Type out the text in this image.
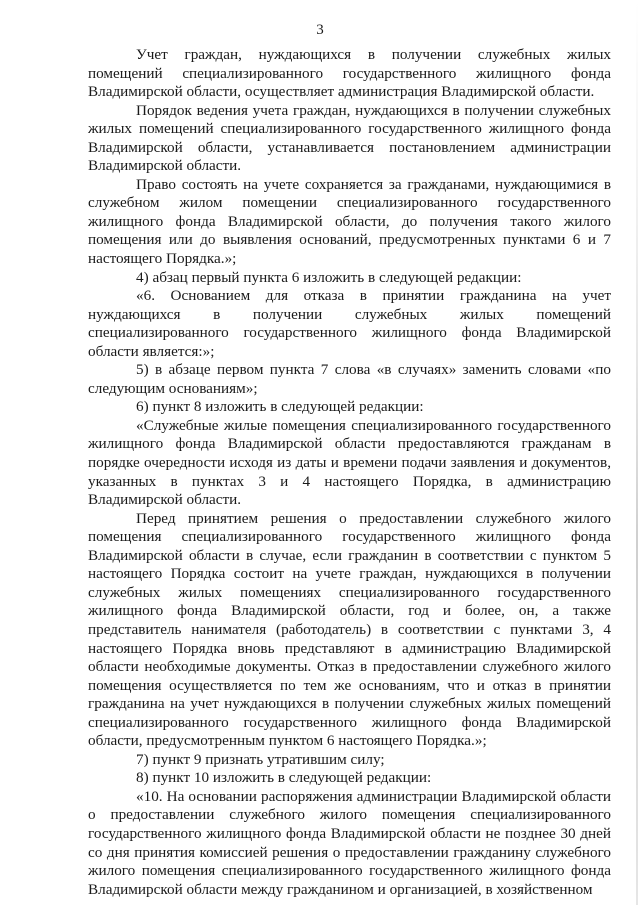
3

Учет граждан, нуждающихся в получении служебных жилых помещений специализированного государственного жилищного фонда Владимирской области, осуществляет администрация Владимирской области.

Порядок ведения учета граждан, нуждающихся в получении служебных жилых помещений специализированного государственного жилищного фонда Владимирской области, устанавливается постановлением администрации Владимирской области.

Право состоять на учете сохраняется за гражданами, нуждающимися в служебном жилом помещении специализированного государственного жилищного фонда Владимирской области, до получения такого жилого помещения или до выявления оснований, предусмотренных пунктами 6 и 7 настоящего Порядка.»;

4) абзац первый пункта 6 изложить в следующей редакции:

«6. Основанием для отказа в принятии гражданина на учет нуждающихся в получении служебных жилых помещений специализированного государственного жилищного фонда Владимирской области является:»;

5) в абзаце первом пункта 7 слова «в случаях» заменить словами «по следующим основаниям»;

6) пункт 8 изложить в следующей редакции:

«Служебные жилые помещения специализированного государственного жилищного фонда Владимирской области предоставляются гражданам в порядке очередности исходя из даты и времени подачи заявления и документов, указанных в пунктах 3 и 4 настоящего Порядка, в администрацию Владимирской области.

Перед принятием решения о предоставлении служебного жилого помещения специализированного государственного жилищного фонда Владимирской области в случае, если гражданин в соответствии с пунктом 5 настоящего Порядка состоит на учете граждан, нуждающихся в получении служебных жилых помещениях специализированного государственного жилищного фонда Владимирской области, год и более, он, а также представитель нанимателя (работодатель) в соответствии с пунктами 3, 4 настоящего Порядка вновь представляют в администрацию Владимирской области необходимые документы. Отказ в предоставлении служебного жилого помещения осуществляется по тем же основаниям, что и отказ в принятии гражданина на учет нуждающихся в получении служебных жилых помещений специализированного государственного жилищного фонда Владимирской области, предусмотренным пунктом 6 настоящего Порядка.»;

7) пункт 9 признать утратившим силу;

8) пункт 10 изложить в следующей редакции:

«10. На основании распоряжения администрации Владимирской области о предоставлении служебного жилого помещения специализированного государственного жилищного фонда Владимирской области не позднее 30 дней со дня принятия комиссией решения о предоставлении гражданину служебного жилого помещения специализированного государственного жилищного фонда Владимирской области между гражданином и организацией, в хозяйственном
